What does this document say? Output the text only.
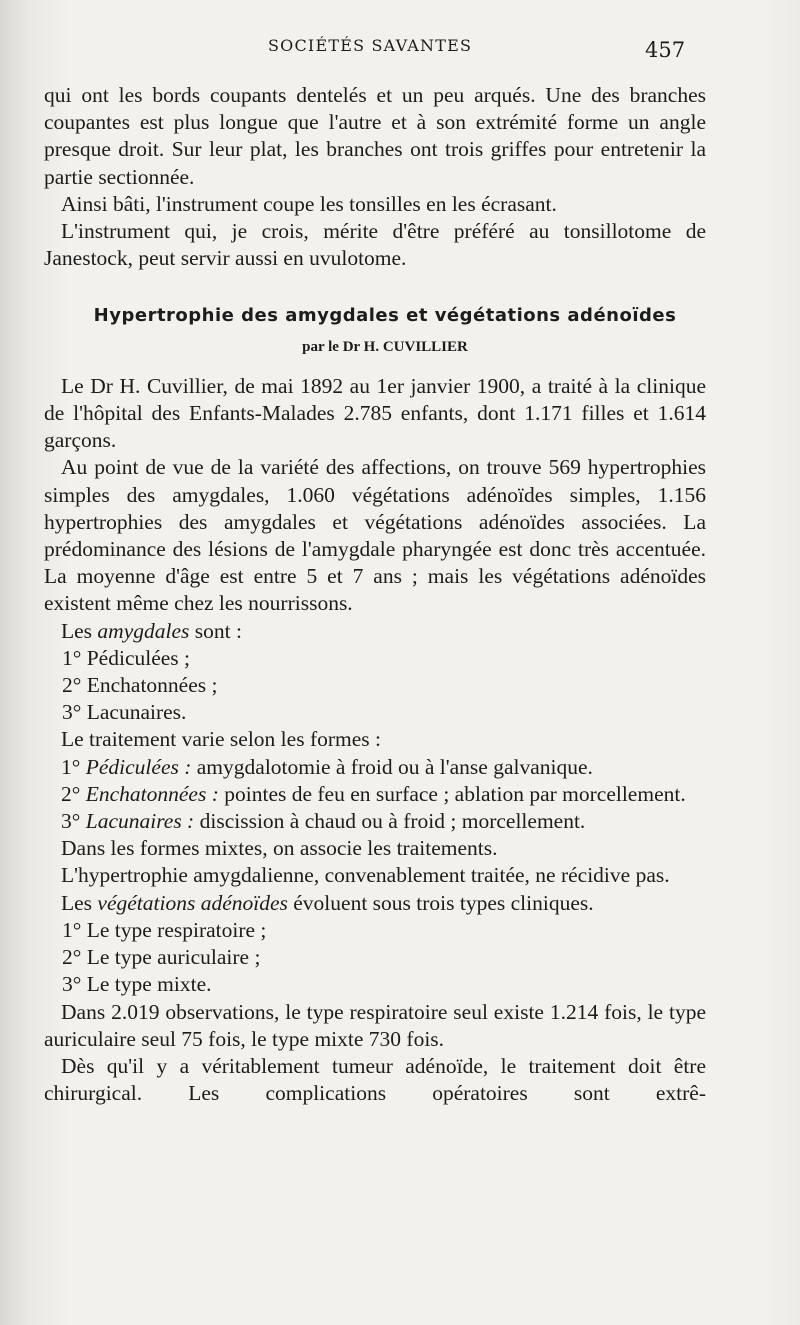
SOCIÉTÉS SAVANTES	457

qui ont les bords coupants dentelés et un peu arqués. Une des branches coupantes est plus longue que l'autre et à son extrémité forme un angle presque droit. Sur leur plat, les branches ont trois griffes pour entretenir la partie sectionnée.

Ainsi bâti, l'instrument coupe les tonsilles en les écrasant.

L'instrument qui, je crois, mérite d'être préféré au tonsillotome de Janestock, peut servir aussi en uvulotome.

Hypertrophie des amygdales et végétations adénoïdes

par le Dr H. CUVILLIER

Le Dr H. Cuvillier, de mai 1892 au 1er janvier 1900, a traité à la clinique de l'hôpital des Enfants-Malades 2.785 enfants, dont 1.171 filles et 1.614 garçons.

Au point de vue de la variété des affections, on trouve 569 hypertrophies simples des amygdales, 1.060 végétations adénoïdes simples, 1.156 hypertrophies des amygdales et végétations adénoïdes associées. La prédominance des lésions de l'amygdale pharyngée est donc très accentuée. La moyenne d'âge est entre 5 et 7 ans ; mais les végétations adénoïdes existent même chez les nourrissons.

Les amygdales sont :

1° Pédiculées ;

2° Enchatonnées ;

3° Lacunaires.

Le traitement varie selon les formes :

1° Pédiculées : amygdalotomie à froid ou à l'anse galvanique.

2° Enchatonnées : pointes de feu en surface ; ablation par morcellement.

3° Lacunaires : discission à chaud ou à froid ; morcellement.

Dans les formes mixtes, on associe les traitements.

L'hypertrophie amygdalienne, convenablement traitée, ne récidive pas.

Les végétations adénoïdes évoluent sous trois types cliniques.

1° Le type respiratoire ;

2° Le type auriculaire ;

3° Le type mixte.

Dans 2.019 observations, le type respiratoire seul existe 1.214 fois, le type auriculaire seul 75 fois, le type mixte 730 fois.

Dès qu'il y a véritablement tumeur adénoïde, le traitement doit être chirurgical. Les complications opératoires sont extrê-
